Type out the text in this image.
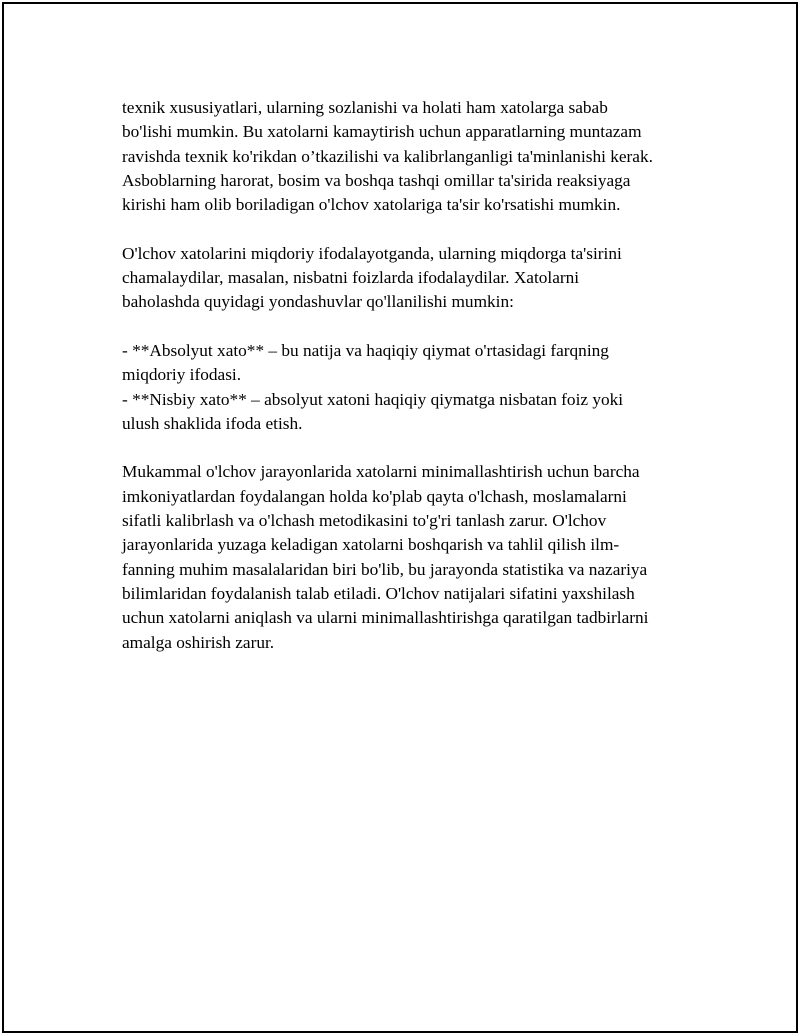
texnik xususiyatlari, ularning sozlanishi va holati ham xatolarga sabab

bo'lishi mumkin. Bu xatolarni kamaytirish uchun apparatlarning muntazam

ravishda texnik ko'rikdan o’tkazilishi va kalibrlanganligi ta'minlanishi kerak.

Asboblarning harorat, bosim va boshqa tashqi omillar ta'sirida reaksiyaga

kirishi ham olib boriladigan o'lchov xatolariga ta'sir ko'rsatishi mumkin.

O'lchov xatolarini miqdoriy ifodalayotganda, ularning miqdorga ta'sirini

chamalaydilar, masalan, nisbatni foizlarda ifodalaydilar. Xatolarni

baholashda quyidagi yondashuvlar qo'llanilishi mumkin:

- **Absolyut xato** – bu natija va haqiqiy qiymat o'rtasidagi farqning

miqdoriy ifodasi.

- **Nisbiy xato** – absolyut xatoni haqiqiy qiymatga nisbatan foiz yoki

ulush shaklida ifoda etish.

Mukammal o'lchov jarayonlarida xatolarni minimallashtirish uchun barcha

imkoniyatlardan foydalangan holda ko'plab qayta o'lchash, moslamalarni

sifatli kalibrlash va o'lchash metodikasini to'g'ri tanlash zarur. O'lchov

jarayonlarida yuzaga keladigan xatolarni boshqarish va tahlil qilish ilm-

fanning muhim masalalaridan biri bo'lib, bu jarayonda statistika va nazariya

bilimlaridan foydalanish talab etiladi. O'lchov natijalari sifatini yaxshilash

uchun xatolarni aniqlash va ularni minimallashtirishga qaratilgan tadbirlarni

amalga oshirish zarur.
